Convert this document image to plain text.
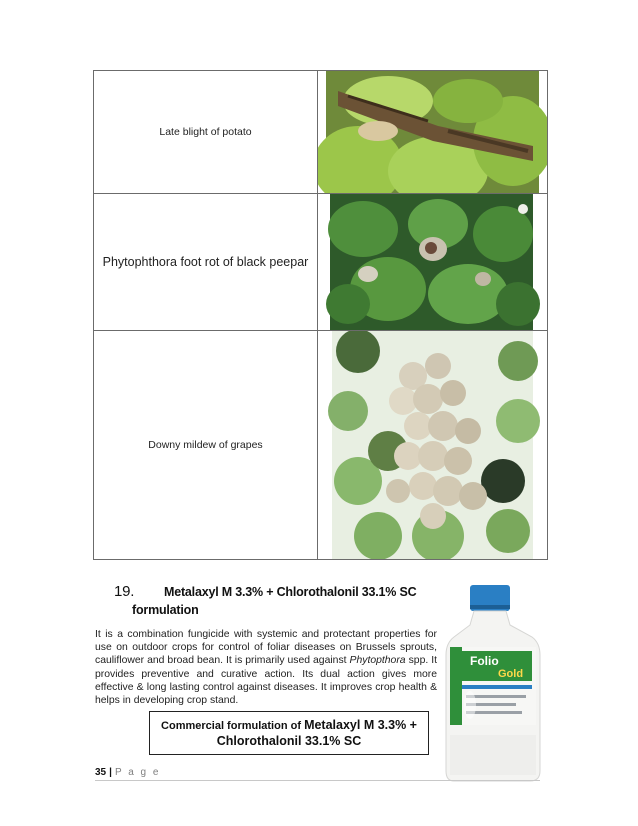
Late blight of potato	

Phytophthora foot rot of black peepar	

Downy mildew of grapes	
19. Metalaxyl M 3.3% + Chlorothalonil 33.1% SC
formulation
It is a combination fungicide with systemic and protectant properties for use on outdoor crops for control of foliar diseases on Brussels sprouts, cauliflower and broad bean. It is primarily used against Phytopthora spp. It provides preventive and curative action. Its dual action gives more effective & long lasting control against diseases. It improves crop health & helps in developing crop stand.
Commercial formulation of Metalaxyl M 3.3% +
Chlorothalonil 33.1% SC
Folio
Gold
35 | P a g e
